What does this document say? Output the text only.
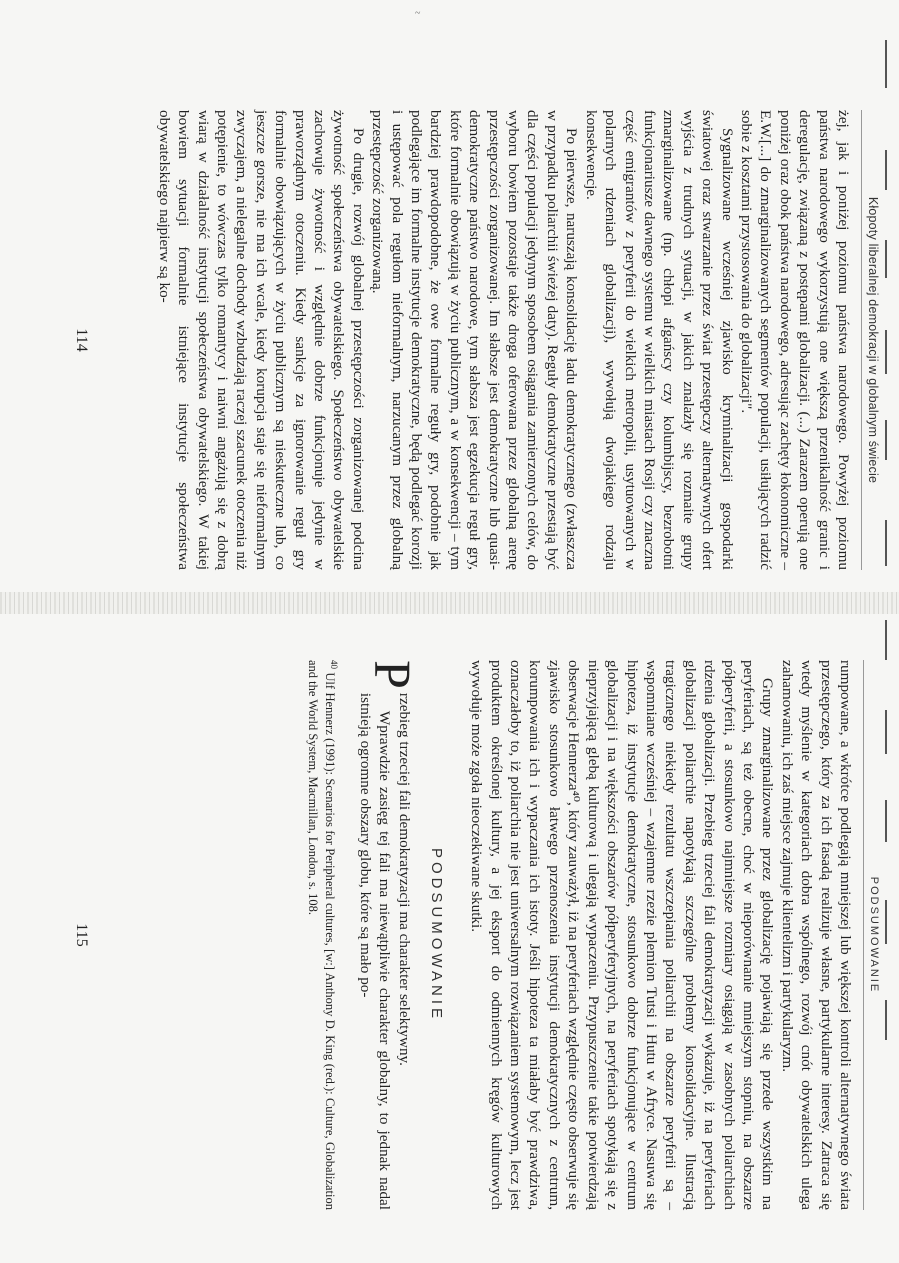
~
Kłopoty liberalnej demokracji w globalnym świecie

żej, jak i poniżej poziomu państwa narodowego. Powyżej poziomu państwa narodowego wykorzystują one większą przenikalność granic i deregulację, związaną z postępami globalizacji. (...) Zarazem operują one poniżej oraz obok państwa narodowego, adresując zachęty łokonomiczne – E.W.[...] do zmarginalizowanych segmentów populacji, usiłujących radzić sobie z kosztami przystosowania do globalizacji".

Sygnalizowane wcześniej zjawisko kryminalizacji gospodarki światowej oraz stwarzanie przez świat przestępczy alternatywnych ofert wyjścia z trudnych sytuacji, w jakich znalazły się rozmaite grupy zmarginalizowane (np. chłopi afgańscy czy kolumbijscy, bezrobotni funkcjonariusze dawnego systemu w wielkich miastach Rosji czy znaczna część emigrantów z peryferii do wielkich metropolii, usytuowanych w polarnych rdzeniach globalizacji), wywołują dwojakiego rodzaju konsekwencje.

Po pierwsze, naruszają konsolidację ładu demokratycznego (zwłaszcza w przypadku poliarchii świeżej daty). Reguły demokratyczne przestają być dla części populacji jedynym sposobem osiągania zamierzonych celów, do wyboru bowiem pozostaje także droga oferowana przez globalną arenę przestępczości zorganizowanej. Im słabsze jest demokratyczne lub quasi-demokratyczne państwo narodowe, tym słabsza jest egzekucja reguł gry, które formalnie obowiązują w życiu publicznym, a w konsekwencji – tym bardziej prawdopodobne, że owe formalne reguły gry, podobnie jak podlegające im formalne instytucje demokratyczne, będą podlegać korozji i ustępować pola regułom nieformalnym, narzucanym przez globalną przestępczość zorganizowaną.

Po drugie, rozwój globalnej przestępczości zorganizowanej podcina żywotność społeczeństwa obywatelskiego. Społeczeństwo obywatelskie zachowuje żywotność i względnie dobrze funkcjonuje jedynie w praworządnym otoczeniu. Kiedy sankcje za ignorowanie reguł gry formalnie obowiązujących w życiu publicznym są nieskuteczne lub, co jeszcze gorsze, nie ma ich wcale, kiedy korupcja staje się nieformalnym zwyczajem, a nielegalne dochody wzbudzają raczej szacunek otoczenia niż potępienie, to wówczas tylko romantycy i naiwni angażują się z dobrą wiarą w działalność instytucji społeczeństwa obywatelskiego. W takiej bowiem sytuacji formalnie istniejące instytucje społeczeństwa obywatelskiego najpierw są ko-

114
PODSUMOWANIE

rumpowane, a wkrótce podlegają mniejszej lub większej kontroli alternatywnego świata przestępczego, który za ich fasadą realizuje własne, partykularne interesy. Zatraca się wtedy myślenie w kategoriach dobra wspólnego, rozwój cnót obywatelskich ulega zahamowaniu, ich zaś miejsce zajmuje klientelizm i partykularyzm.

Grupy zmarginalizowane przez globalizację pojawiają się przede wszystkim na peryferiach, są też obecne, choć w nieporównanie mniejszym stopniu, na obszarze półperyferii, a stosunkowo najmniejsze rozmiary osiągają w zasobnych poliarchiach rdzenia globalizacji. Przebieg trzeciej fali demokratyzacji wykazuje, iż na peryferiach globalizacji poliarchie napotykają szczególne problemy konsolidacyjne. Ilustracją tragicznego niekiedy rezultatu wszczepiania poliarchii na obszarze peryferii są – wspomniane wcześniej – wzajemne rzezie plemion Tutsi i Hutu w Afryce. Nasuwa się hipoteza, iż instytucje demokratyczne, stosunkowo dobrze funkcjonujące w centrum globalizacji i na większości obszarów półperyferyjnych, na peryferiach spotykają się z nieprzyjającą glebą kulturową i ulegają wypaczeniu. Przypuszczenie takie potwierdzają obserwacje Hennerza⁴⁰, który zauważył, iż na peryferiach względnie często obserwuje się zjawisko stosunkowo łatwego przenoszenia instytucji demokratycznych z centrum, korumpowania ich i wypaczania ich istoty. Jeśli hipoteza ta miałaby być prawdziwa, oznaczałoby to, iż poliarchia nie jest uniwersalnym rozwiązaniem systemowym, lecz jest produktem określonej kultury, a jej eksport do odmiennych kręgów kulturowych wywołuje może zgoła nieoczekiwane skutki.

PODSUMOWANIE

P
rzebieg trzeciej fali demokratyzacji ma charakter selektywny.

Wprawdzie zasięg tej fali ma niewątpliwie charakter globalny, to jednak nadal istnieją ogromne obszary globu, które są mało po-

$^{40}$ Ulf Hennerz (1991): Scenarios for Peripheral cultures, [w:] Anthony D. King (red.): Culture, Globalization and the World System, Macmillan, London, s. 108.
115
